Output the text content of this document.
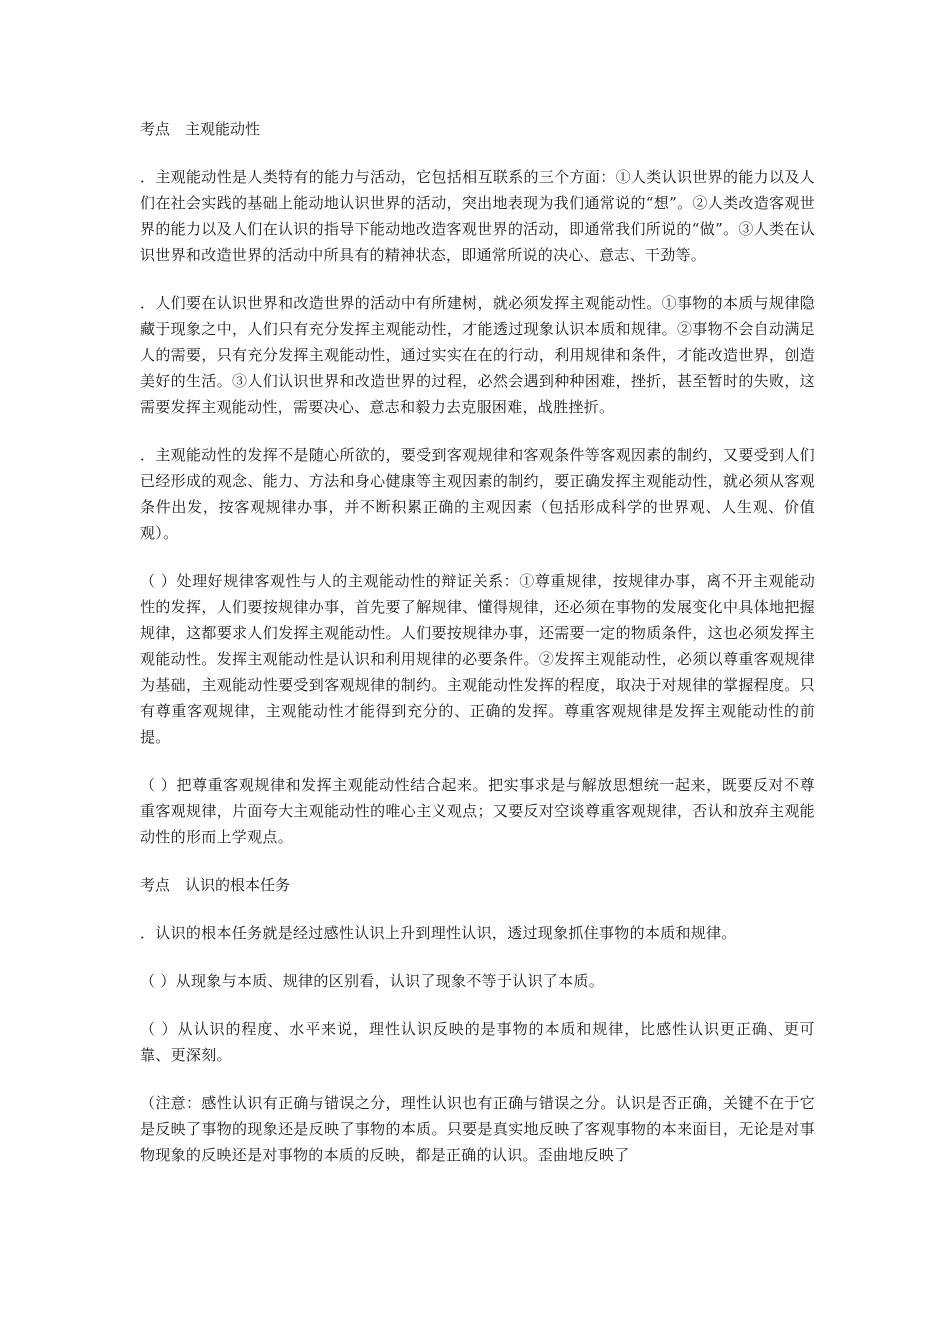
考点　主观能动性
．主观能动性是人类特有的能力与活动，它包括相互联系的三个方面：①人类认识世界的能力以及人们在社会实践的基础上能动地认识世界的活动，突出地表现为我们通常说的“想”。②人类改造客观世界的能力以及人们在认识的指导下能动地改造客观世界的活动，即通常我们所说的“做”。③人类在认识世界和改造世界的活动中所具有的精神状态，即通常所说的决心、意志、干劲等。
．人们要在认识世界和改造世界的活动中有所建树，就必须发挥主观能动性。①事物的本质与规律隐藏于现象之中，人们只有充分发挥主观能动性，才能透过现象认识本质和规律。②事物不会自动满足人的需要，只有充分发挥主观能动性，通过实实在在的行动，利用规律和条件，才能改造世界，创造美好的生活。③人们认识世界和改造世界的过程，必然会遇到种种困难，挫折，甚至暂时的失败，这需要发挥主观能动性，需要决心、意志和毅力去克服困难，战胜挫折。
．主观能动性的发挥不是随心所欲的，要受到客观规律和客观条件等客观因素的制约，又要受到人们已经形成的观念、能力、方法和身心健康等主观因素的制约，要正确发挥主观能动性，就必须从客观条件出发，按客观规律办事，并不断积累正确的主观因素（包括形成科学的世界观、人生观、价值观）。
（ ）处理好规律客观性与人的主观能动性的辩证关系：①尊重规律，按规律办事，离不开主观能动性的发挥，人们要按规律办事，首先要了解规律、懂得规律，还必须在事物的发展变化中具体地把握规律，这都要求人们发挥主观能动性。人们要按规律办事，还需要一定的物质条件，这也必须发挥主观能动性。发挥主观能动性是认识和利用规律的必要条件。②发挥主观能动性，必须以尊重客观规律为基础，主观能动性要受到客观规律的制约。主观能动性发挥的程度，取决于对规律的掌握程度。只有尊重客观规律，主观能动性才能得到充分的、正确的发挥。尊重客观规律是发挥主观能动性的前提。
（ ）把尊重客观规律和发挥主观能动性结合起来。把实事求是与解放思想统一起来，既要反对不尊重客观规律，片面夸大主观能动性的唯心主义观点；又要反对空谈尊重客观规律，否认和放弃主观能动性的形而上学观点。
考点　认识的根本任务
．认识的根本任务就是经过感性认识上升到理性认识，透过现象抓住事物的本质和规律。
（ ）从现象与本质、规律的区别看，认识了现象不等于认识了本质。
（ ）从认识的程度、水平来说，理性认识反映的是事物的本质和规律，比感性认识更正确、更可靠、更深刻。
（注意：感性认识有正确与错误之分，理性认识也有正确与错误之分。认识是否正确，关键不在于它是反映了事物的现象还是反映了事物的本质。只要是真实地反映了客观事物的本来面目，无论是对事物现象的反映还是对事物的本质的反映，都是正确的认识。歪曲地反映了
